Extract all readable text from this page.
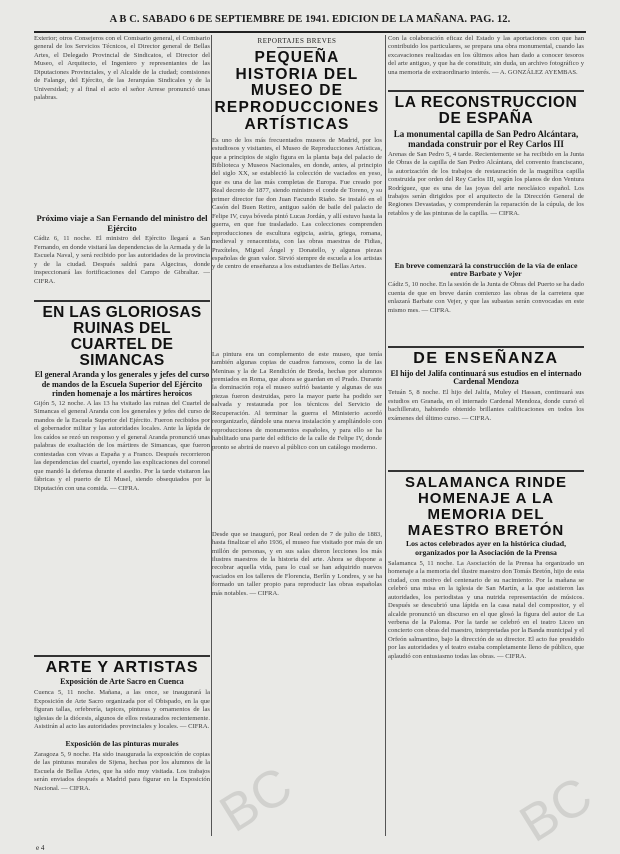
A B C. SABADO 6 DE SEPTIEMBRE DE 1941. EDICION DE LA MAÑANA. PAG. 12.

Exterior; otros Consejeros con el Comisario general, el Comisario general de los Servicios Técnicos, el Director general de Bellas Artes, el Delegado Provincial de Sindicatos, el Director del Museo, el Arquitecto, el Ingeniero y representantes de las Diputaciones Provinciales, y el Alcalde de la ciudad; comisiones de Falange, del Ejército, de las Jerarquías Sindicales y de la Universidad; y al final el acto el señor Arrese pronunció unas palabras.

Próximo viaje a San Fernando del ministro del Ejército

Cádiz 6, 11 noche. El ministro del Ejército llegará a San Fernando, en donde visitará las dependencias de la Armada y de la Escuela Naval, y será recibido por las autoridades de la provincia y de la ciudad. Después saldrá para Algeciras, donde inspeccionará las fortificaciones del Campo de Gibraltar. — CIFRA.

EN LAS GLORIOSAS RUINAS DEL CUARTEL DE SIMANCAS
El general Aranda y los generales y jefes del curso de mandos de la Escuela Superior del Ejército rinden homenaje a los mártires heroicos

Gijón 5, 12 noche. A las 13 ha visitado las ruinas del Cuartel de Simancas el general Aranda con los generales y jefes del curso de mandos de la Escuela Superior del Ejército. Fueron recibidos por el gobernador militar y las autoridades locales. Ante la lápida de los caídos se rezó un responso y el general Aranda pronunció unas palabras de exaltación de los mártires de Simancas, que fueron contestadas con vivas a España y a Franco. Después recorrieron las dependencias del cuartel, oyendo las explicaciones del coronel que mandó la defensa durante el asedio. Por la tarde visitaron las fábricas y el puerto de El Musel, siendo obsequiados por la Diputación con una comida. — CIFRA.

ARTE Y ARTISTAS
Exposición de Arte Sacro en Cuenca

Cuenca 5, 11 noche. Mañana, a las once, se inaugurará la Exposición de Arte Sacro organizada por el Obispado, en la que figuran tallas, orfebrería, tapices, pinturas y ornamentos de las iglesias de la diócesis, algunos de ellos restaurados recientemente. Asistirán al acto las autoridades provinciales y locales. — CIFRA.

Exposición de las pinturas murales

Zaragoza 5, 9 noche. Ha sido inaugurada la exposición de copias de las pinturas murales de Sijena, hechas por los alumnos de la Escuela de Bellas Artes, que ha sido muy visitada. Los trabajos serán enviados después a Madrid para figurar en la Exposición Nacional. — CIFRA.

REPORTAJES BREVES
PEQUEÑA HISTORIA DEL MUSEO DE REPRODUCCIONES ARTÍSTICAS

Es uno de los más frecuentados museos de Madrid, por los estudiosos y visitantes, el Museo de Reproducciones Artísticas, que a principios de siglo figura en la planta baja del palacio de Biblioteca y Museos Nacionales, en donde, antes, al principio del siglo XX, se estableció la colección de vaciados en yeso, que es una de las más completas de Europa. Fue creado por Real decreto de 1877, siendo ministro el conde de Toreno, y su primer director fue don Juan Facundo Riaño. Se instaló en el Casón del Buen Retiro, antiguo salón de baile del palacio de Felipe IV, cuya bóveda pintó Lucas Jordán, y allí estuvo hasta la guerra, en que fue trasladado. Las colecciones comprenden reproducciones de escultura egipcia, asiria, griega, romana, medieval y renacentista, con las obras maestras de Fidias, Praxíteles, Miguel Ángel y Donatello, y algunas piezas españolas de gran valor. Sirvió siempre de escuela a los artistas y de centro de enseñanza a los estudiantes de Bellas Artes.

La pintura era un complemento de este museo, que tenía también algunas copias de cuadros famosos, como la de las Meninas y la de La Rendición de Breda, hechas por alumnos premiados en Roma, que ahora se guardan en el Prado. Durante la dominación roja el museo sufrió bastante y algunas de sus piezas fueron destruidas, pero la mayor parte ha podido ser salvada y restaurada por los técnicos del Servicio de Recuperación. Al terminar la guerra el Ministerio acordó reorganizarlo, dándole una nueva instalación y ampliándolo con reproducciones de monumentos españoles, y para ello se ha habilitado una parte del edificio de la calle de Felipe IV, donde pronto se abrirá de nuevo al público con un catálogo moderno.

Desde que se inauguró, por Real orden de 7 de julio de 1883, hasta finalizar el año 1936, el museo fue visitado por más de un millón de personas, y en sus salas dieron lecciones los más ilustres maestros de la historia del arte. Ahora se dispone a recobrar aquella vida, para lo cual se han adquirido nuevos vaciados en los talleres de Florencia, Berlín y Londres, y se ha formado un taller propio para reproducir las obras españolas más notables. — CIFRA.

Con la colaboración eficaz del Estado y las aportaciones con que han contribuido los particulares, se prepara una obra monumental, cuando las excavaciones realizadas en los últimos años han dado a conocer tesoros del arte antiguo, y que ha de constituir, sin duda, un archivo fotográfico y una memoria de extraordinario interés. — A. GONZÁLEZ AYEMBAS.

LA RECONSTRUCCION DE ESPAÑA
La monumental capilla de San Pedro Alcántara, mandada construir por el Rey Carlos III

Arenas de San Pedro 5, 4 tarde. Recientemente se ha recibido en la Junta de Obras de la capilla de San Pedro Alcántara, del convento franciscano, la autorización de los trabajos de restauración de la magnífica capilla construida por orden del Rey Carlos III, según los planos de don Ventura Rodríguez, que es una de las joyas del arte neoclásico español. Los trabajos serán dirigidos por el arquitecto de la Dirección General de Regiones Devastadas, y comprenderán la reparación de la cúpula, de los retablos y de las pinturas de la capilla. — CIFRA.

En breve comenzará la construcción de la vía de enlace entre Barbate y Vejer

Cádiz 5, 10 noche. En la sesión de la Junta de Obras del Puerto se ha dado cuenta de que en breve darán comienzo las obras de la carretera que enlazará Barbate con Vejer, y que las subastas serán convocadas en este mismo mes. — CIFRA.

DE ENSEÑANZA
El hijo del Jalifa continuará sus estudios en el internado Cardenal Mendoza

Tetuán 5, 8 noche. El hijo del Jalifa, Muley el Hassan, continuará sus estudios en Granada, en el internado Cardenal Mendoza, donde cursó el bachillerato, habiendo obtenido brillantes calificaciones en todos los exámenes del último curso. — CIFRA.

SALAMANCA RINDE HOMENAJE A LA MEMORIA DEL MAESTRO BRETÓN
Los actos celebrados ayer en la histórica ciudad, organizados por la Asociación de la Prensa

Salamanca 5, 11 noche. La Asociación de la Prensa ha organizado un homenaje a la memoria del ilustre maestro don Tomás Bretón, hijo de esta ciudad, con motivo del centenario de su nacimiento. Por la mañana se celebró una misa en la iglesia de San Martín, a la que asistieron las autoridades, los periodistas y una nutrida representación de músicos. Después se descubrió una lápida en la casa natal del compositor, y el alcalde pronunció un discurso en el que glosó la figura del autor de La verbena de la Paloma. Por la tarde se celebró en el teatro Liceo un concierto con obras del maestro, interpretadas por la Banda municipal y el Orfeón salmantino, bajo la dirección de su director. El acto fue presidido por las autoridades y el teatro estaba completamente lleno de público, que aplaudió con entusiasmo todas las obras. — CIFRA.

BC	BC
e 4
